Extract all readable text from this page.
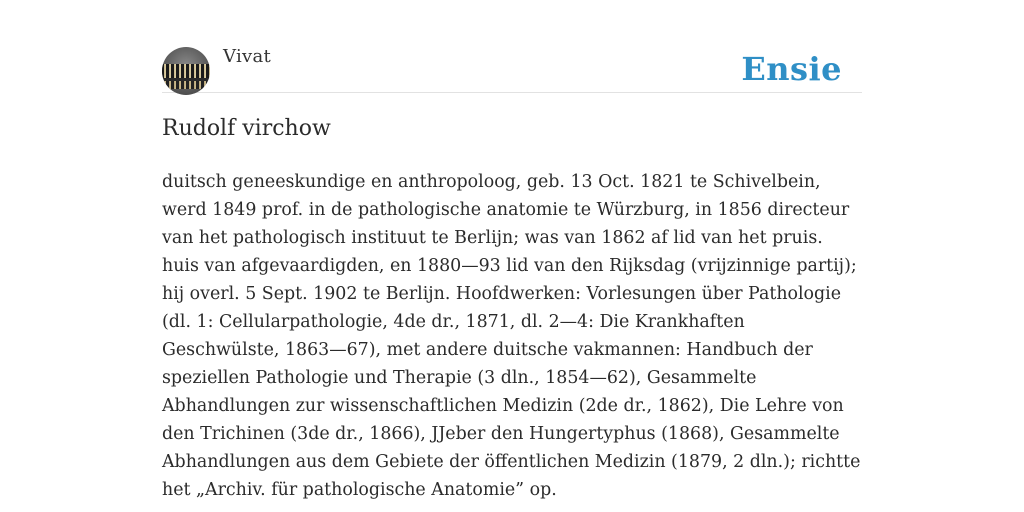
Vivat	Ensie
Rudolf virchow

duitsch geneeskundige en anthropoloog, geb. 13 Oct. 1821 te Schivelbein, werd 1849 prof. in de pathologische anatomie te Würzburg, in 1856 directeur van het pathologisch instituut te Berlijn; was van 1862 af lid van het pruis. huis van afgevaardigden, en 1880—93 lid van den Rijksdag (vrijzinnige partij); hij overl. 5 Sept. 1902 te Berlijn. Hoofdwerken: Vorlesungen über Pathologie (dl. 1: Cellularpathologie, 4de dr., 1871, dl. 2—4: Die Krankhaften Geschwülste, 1863—67), met andere duitsche vakmannen: Handbuch der speziellen Pathologie und Therapie (3 dln., 1854—62), Gesammelte Abhandlungen zur wissenschaftlichen Medizin (2de dr., 1862), Die Lehre von den Trichinen (3de dr., 1866), JJeber den Hungertyphus (1868), Gesammelte Abhandlungen aus dem Gebiete der öffentlichen Medizin (1879, 2 dln.); richtte het „Archiv. für pathologische Anatomie” op.
